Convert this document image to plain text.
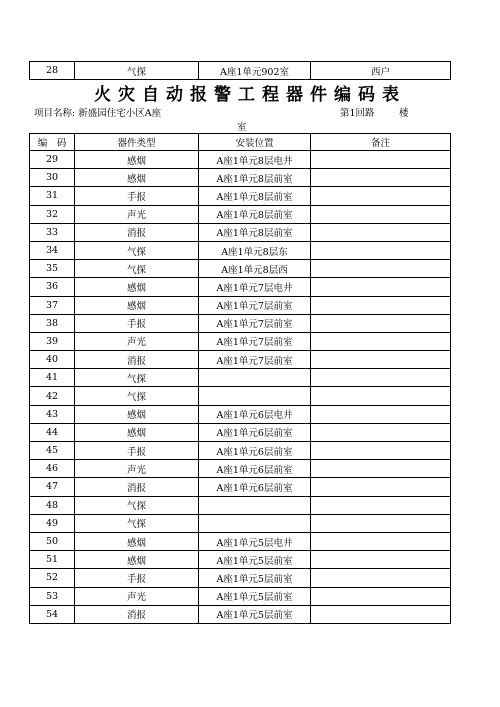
28	气探	A座1单元902室	西户
火灾自动报警工程器件编码表
项目名称: 新盛园住宅小区A座	第1回路	楼
室
编　码	器件类型	安装位置	备注
29	感烟	A座1单元8层电井	
30	感烟	A座1单元8层前室	
31	手报	A座1单元8层前室	
32	声光	A座1单元8层前室	
33	消报	A座1单元8层前室	
34	气探	A座1单元8层东	
35	气探	A座1单元8层西	
36	感烟	A座1单元7层电井	
37	感烟	A座1单元7层前室	
38	手报	A座1单元7层前室	
39	声光	A座1单元7层前室	
40	消报	A座1单元7层前室	
41	气探		
42	气探		
43	感烟	A座1单元6层电井	
44	感烟	A座1单元6层前室	
45	手报	A座1单元6层前室	
46	声光	A座1单元6层前室	
47	消报	A座1单元6层前室	
48	气探		
49	气探		
50	感烟	A座1单元5层电井	
51	感烟	A座1单元5层前室	
52	手报	A座1单元5层前室	
53	声光	A座1单元5层前室	
54	消报	A座1单元5层前室	
